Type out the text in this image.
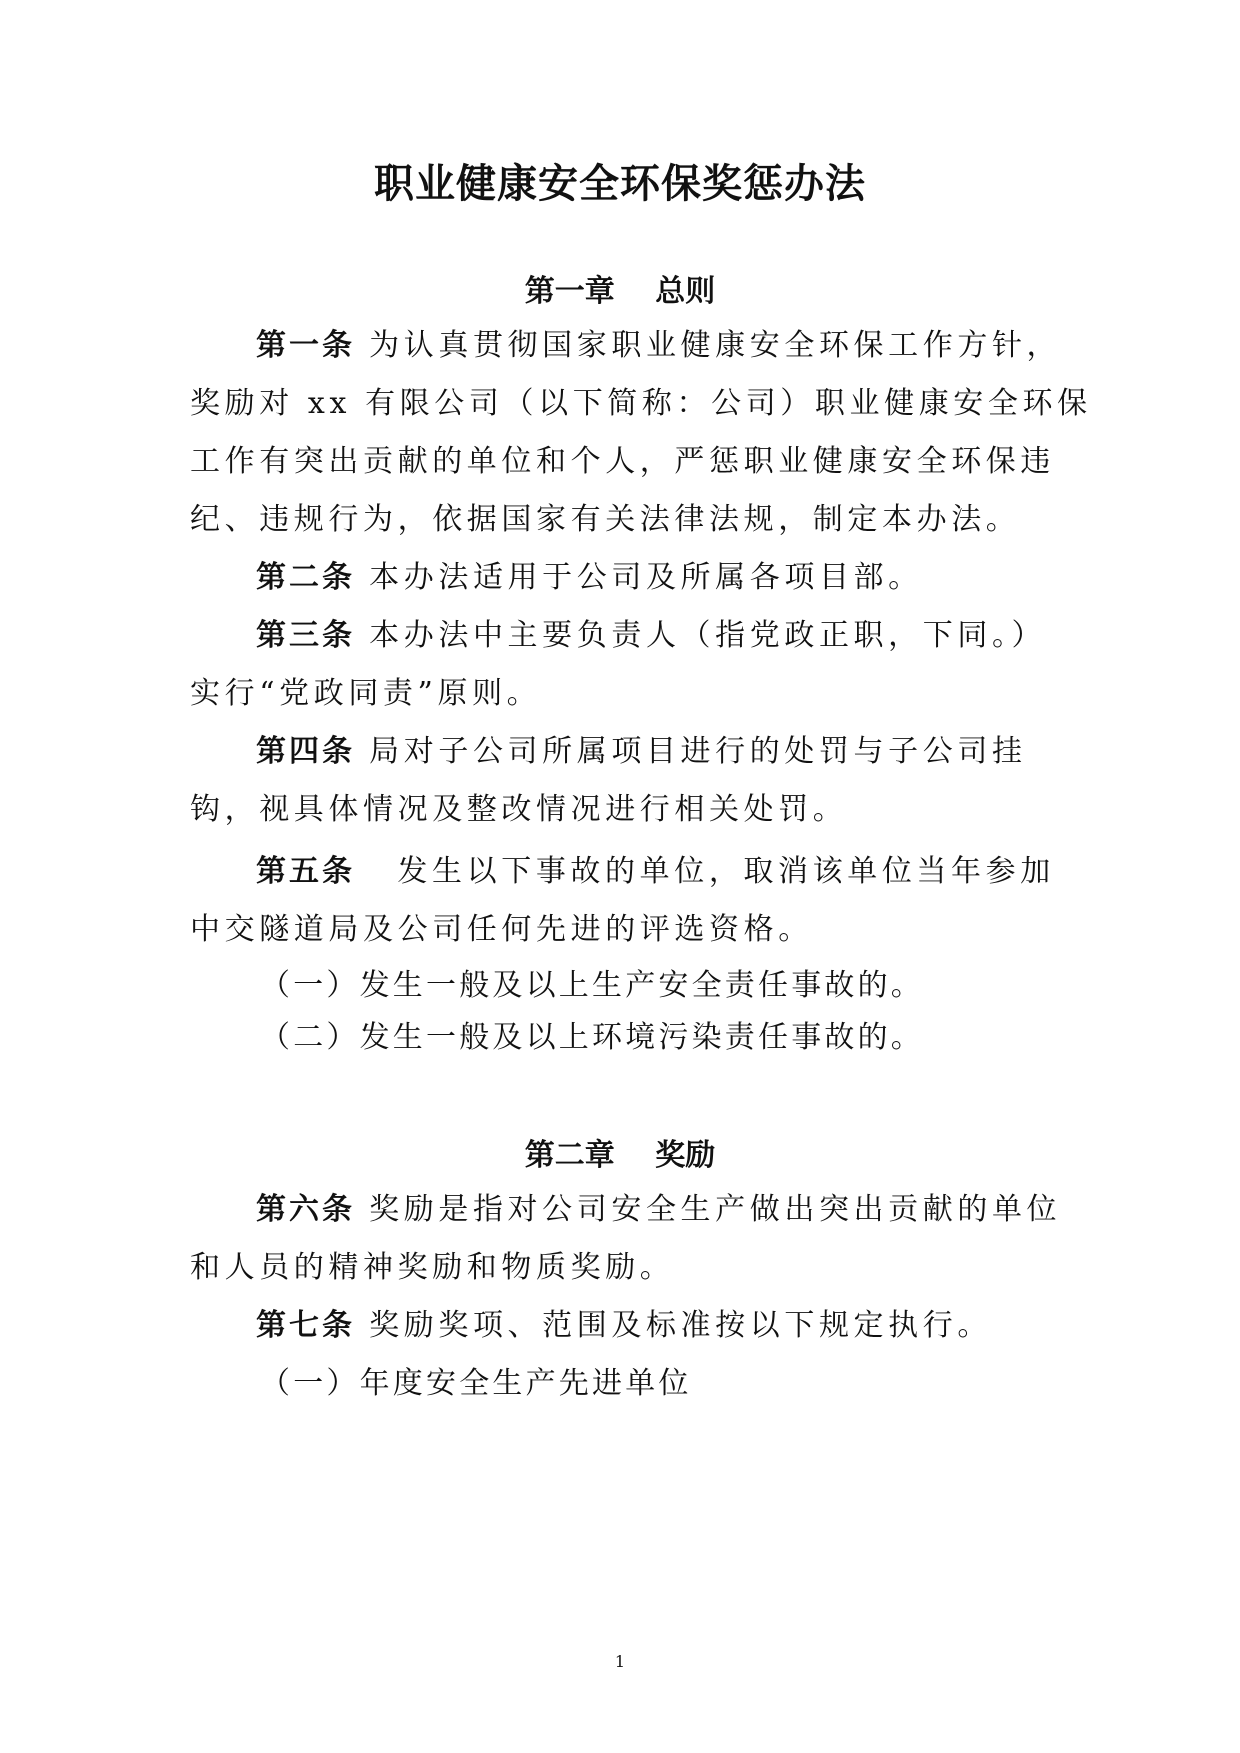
职业健康安全环保奖惩办法
第一章　 总则

第一条 为认真贯彻国家职业健康安全环保工作方针，

奖励对 xx 有限公司（以下简称：公司）职业健康安全环保

工作有突出贡献的单位和个人，严惩职业健康安全环保违

纪、违规行为，依据国家有关法律法规，制定本办法。

第二条 本办法适用于公司及所属各项目部。

第三条 本办法中主要负责人（指党政正职，下同。）

实行“党政同责”原则。

第四条 局对子公司所属项目进行的处罚与子公司挂

钩，视具体情况及整改情况进行相关处罚。

第五条 发生以下事故的单位，取消该单位当年参加

中交隧道局及公司任何先进的评选资格。

（一）发生一般及以上生产安全责任事故的。

（二）发生一般及以上环境污染责任事故的。

第二章　 奖励

第六条 奖励是指对公司安全生产做出突出贡献的单位

和人员的精神奖励和物质奖励。

第七条 奖励奖项、范围及标准按以下规定执行。

（一）年度安全生产先进单位

1
